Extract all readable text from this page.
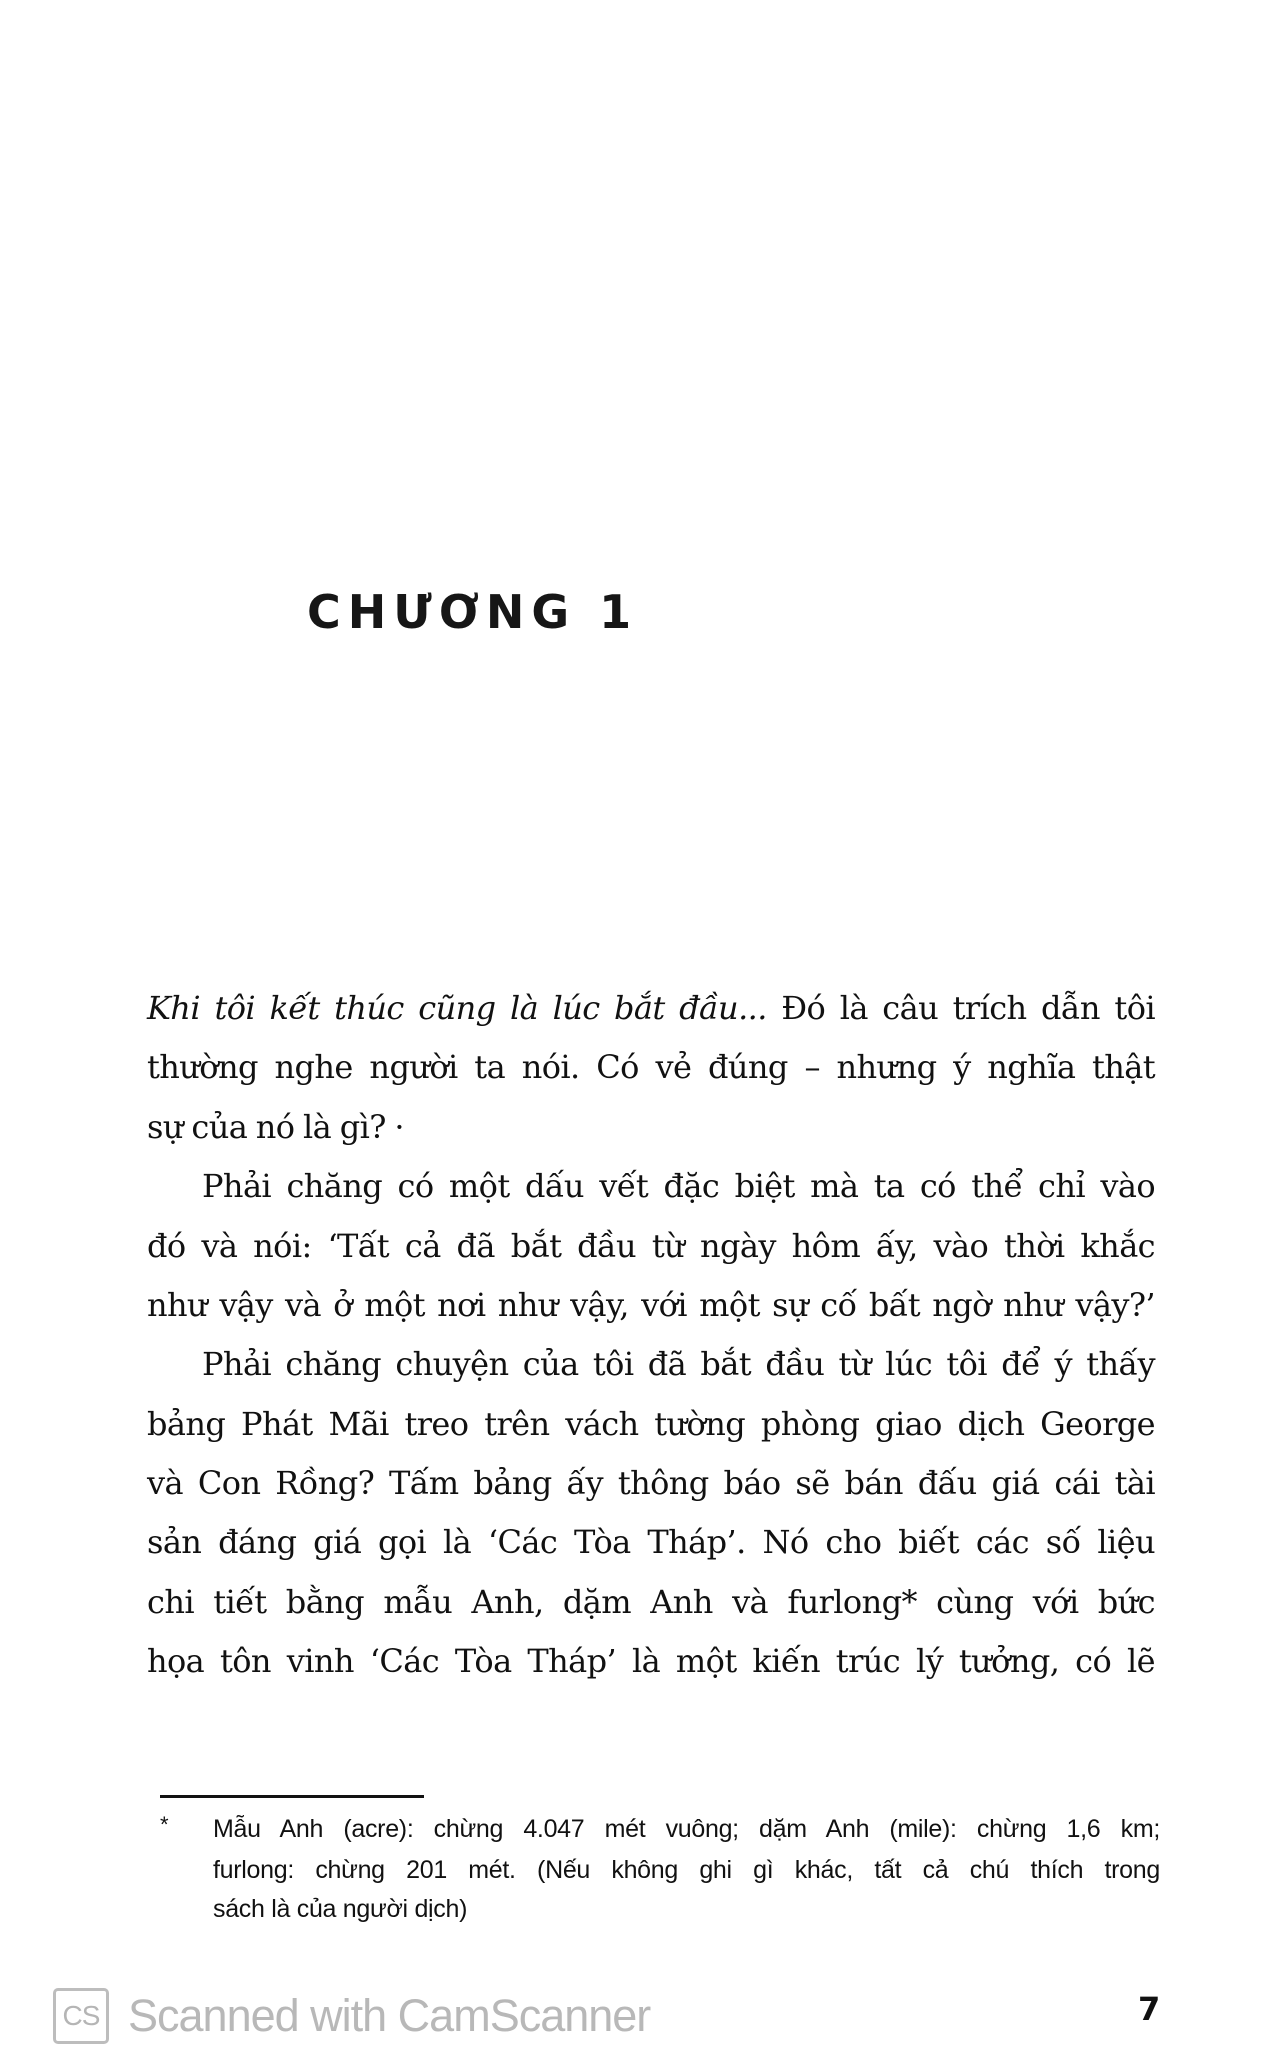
CHƯƠNG 1
Khi tôi kết thúc cũng là lúc bắt đầu... Đó là câu trích dẫn tôi
thường nghe người ta nói. Có vẻ đúng – nhưng ý nghĩa thật
sự của nó là gì? ·
Phải chăng có một dấu vết đặc biệt mà ta có thể chỉ vào
đó và nói: ‘Tất cả đã bắt đầu từ ngày hôm ấy, vào thời khắc
như vậy và ở một nơi như vậy, với một sự cố bất ngờ như vậy?’
Phải chăng chuyện của tôi đã bắt đầu từ lúc tôi để ý thấy
bảng Phát Mãi treo trên vách tường phòng giao dịch George
và Con Rồng? Tấm bảng ấy thông báo sẽ bán đấu giá cái tài
sản đáng giá gọi là ‘Các Tòa Tháp’. Nó cho biết các số liệu
chi tiết bằng mẫu Anh, dặm Anh và furlong* cùng với bức
họa tôn vinh ‘Các Tòa Tháp’ là một kiến trúc lý tưởng, có lẽ
* Mẫu Anh (acre): chừng 4.047 mét vuông; dặm Anh (mile): chừng 1,6 km;
furlong: chừng 201 mét. (Nếu không ghi gì khác, tất cả chú thích trong
sách là của người dịch)
CS Scanned with CamScanner	7
